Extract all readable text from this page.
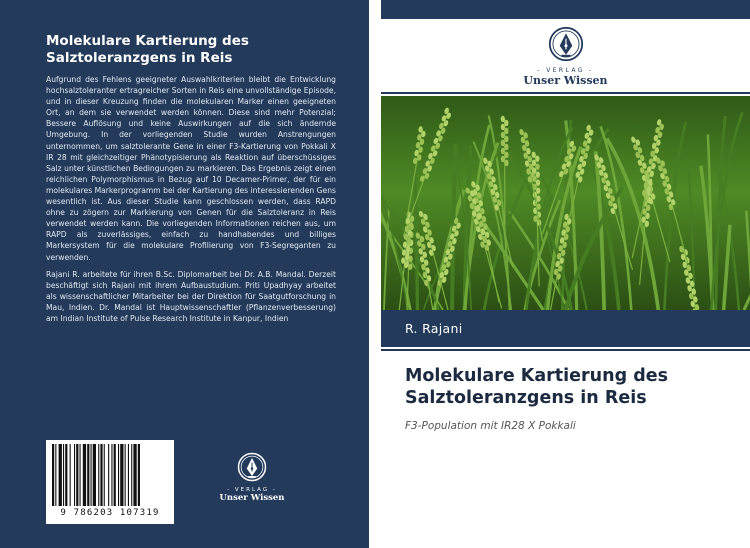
Molekulare Kartierung des Salztoleranzgens in Reis

Aufgrund des Fehlens geeigneter Auswahlkriterien bleibt die Entwicklung hochsalztoleranter ertragreicher Sorten in Reis eine unvollständige Episode, und in dieser Kreuzung finden die molekularen Marker einen geeigneten Ort, an dem sie verwendet werden können. Diese sind mehr Potenzial; Bessere Auflösung und keine Auswirkungen auf die sich ändernde Umgebung. In der vorliegenden Studie wurden Anstrengungen unternommen, um salztolerante Gene in einer F3-Kartierung von Pokkali X IR 28 mit gleichzeitiger Phänotypisierung als Reaktion auf überschüssiges Salz unter künstlichen Bedingungen zu markieren. Das Ergebnis zeigt einen reichlichen Polymorphismus in Bezug auf 10 Decamer-Primer, der für ein molekulares Markerprogramm bei der Kartierung des interessierenden Gens wesentlich ist. Aus dieser Studie kann geschlossen werden, dass RAPD ohne zu zögern zur Markierung von Genen für die Salztoleranz in Reis verwendet werden kann. Die vorliegenden Informationen reichen aus, um RAPD als zuverlässiges, einfach zu handhabendes und billiges Markersystem für die molekulare Profilierung von F3-Segreganten zu verwenden.

Rajani R. arbeitete für ihren B.Sc. Diplomarbeit bei Dr. A.B. Mandal. Derzeit beschäftigt sich Rajani mit ihrem Aufbaustudium. Priti Upadhyay arbeitet als wissenschaftlicher Mitarbeiter bei der Direktion für Saatgutforschung in Mau, Indien. Dr. Mandal ist Hauptwissenschaftler (Pflanzenverbesserung) am Indian Institute of Pulse Research Institute in Kanpur, Indien

9 786203 107319
- VERLAG -
Unser Wissen
- VERLAG -
Unser Wissen
R. Rajani
Molekulare Kartierung des Salztoleranzgens in Reis
F3-Population mit IR28 X Pokkali
